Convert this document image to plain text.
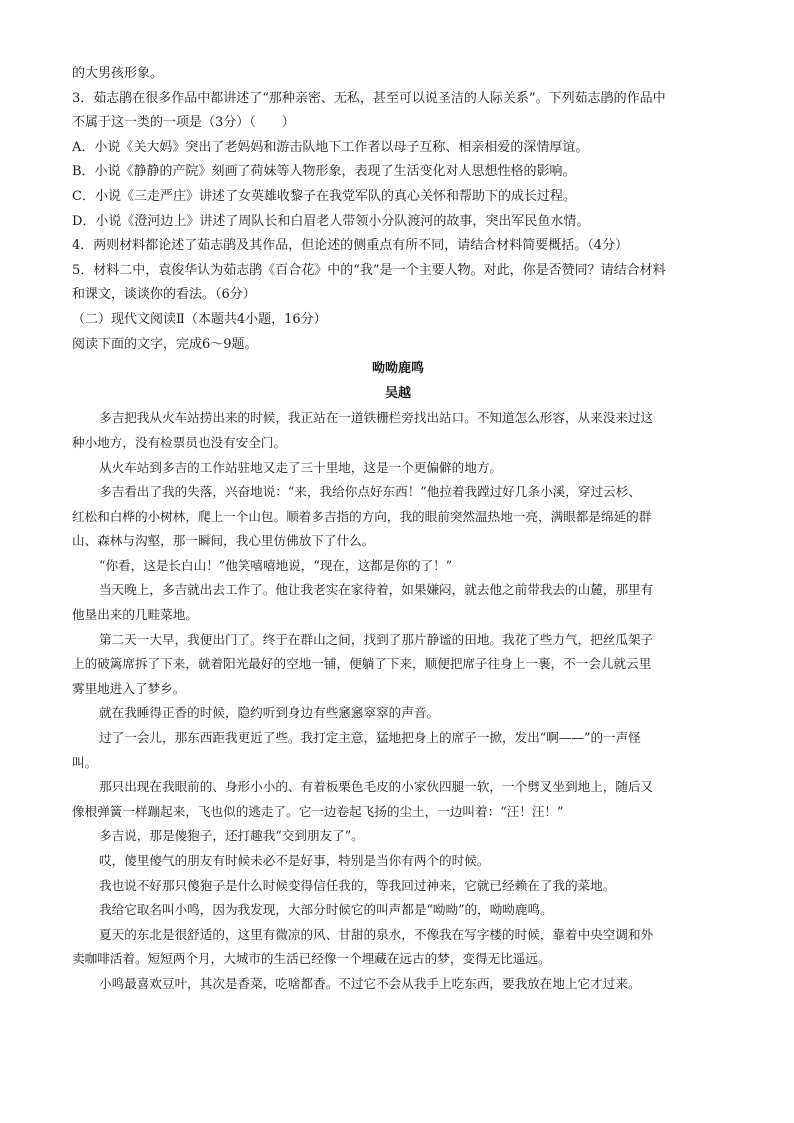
的大男孩形象。
3．茹志鹃在很多作品中都讲述了“那种亲密、无私，甚至可以说圣洁的人际关系”。下列茹志鹃的作品中
不属于这一类的一项是（3分）（　　）
A．小说《关大妈》突出了老妈妈和游击队地下工作者以母子互称、相亲相爱的深情厚谊。
B．小说《静静的产院》刻画了荷妹等人物形象，表现了生活变化对人思想性格的影响。
C．小说《三走严庄》讲述了女英雄收黎子在我党军队的真心关怀和帮助下的成长过程。
D．小说《澄河边上》讲述了周队长和白眉老人带领小分队渡河的故事，突出军民鱼水情。
4．两则材料都论述了茹志鹃及其作品，但论述的侧重点有所不同，请结合材料简要概括。（4分）
5．材料二中，袁俊华认为茹志鹃《百合花》中的“我”是一个主要人物。对此，你是否赞同？请结合材料
和课文，谈谈你的看法。（6分）
（二）现代文阅读Ⅱ（本题共4小题，16分）
阅读下面的文字，完成6～9题。
呦呦鹿鸣
吴越
多吉把我从火车站捞出来的时候，我正站在一道铁栅栏旁找出站口。不知道怎么形容，从来没来过这
种小地方，没有检票员也没有安全门。
从火车站到多吉的工作站驻地又走了三十里地，这是一个更偏僻的地方。
多吉看出了我的失落，兴奋地说：“来，我给你点好东西！”他拉着我蹚过好几条小溪，穿过云杉、
红松和白桦的小树林，爬上一个山包。顺着多吉指的方向，我的眼前突然温热地一亮，满眼都是绵延的群
山、森林与沟壑，那一瞬间，我心里仿佛放下了什么。
“你看，这是长白山！”他笑嘻嘻地说，“现在，这都是你的了！”
当天晚上，多吉就出去工作了。他让我老实在家待着，如果嫌闷，就去他之前带我去的山麓，那里有
他垦出来的几畦菜地。
第二天一大早，我便出门了。终于在群山之间，找到了那片静谧的田地。我花了些力气，把丝瓜架子
上的破篱席拆了下来，就着阳光最好的空地一铺，便躺了下来，顺便把席子往身上一裹，不一会儿就云里
雾里地进入了梦乡。
就在我睡得正香的时候，隐约听到身边有些窸窸窣窣的声音。
过了一会儿，那东西距我更近了些。我打定主意，猛地把身上的席子一掀，发出“啊——”的一声怪
叫。
那只出现在我眼前的、身形小小的、有着板栗色毛皮的小家伙四腿一软，一个劈叉坐到地上，随后又
像根弹簧一样蹦起来，飞也似的逃走了。它一边卷起飞扬的尘土，一边叫着：“汪！汪！”
多吉说，那是傻狍子，还打趣我“交到朋友了”。
哎，傻里傻气的朋友有时候未必不是好事，特别是当你有两个的时候。
我也说不好那只傻狍子是什么时候变得信任我的，等我回过神来，它就已经赖在了我的菜地。
我给它取名叫小鸣，因为我发现，大部分时候它的叫声都是“呦呦”的，呦呦鹿鸣。
夏天的东北是很舒适的，这里有微凉的风、甘甜的泉水，不像我在写字楼的时候，靠着中央空调和外
卖咖啡活着。短短两个月，大城市的生活已经像一个埋藏在远古的梦，变得无比遥远。
小鸣最喜欢豆叶，其次是香菜，吃啥都香。不过它不会从我手上吃东西，要我放在地上它才过来。
